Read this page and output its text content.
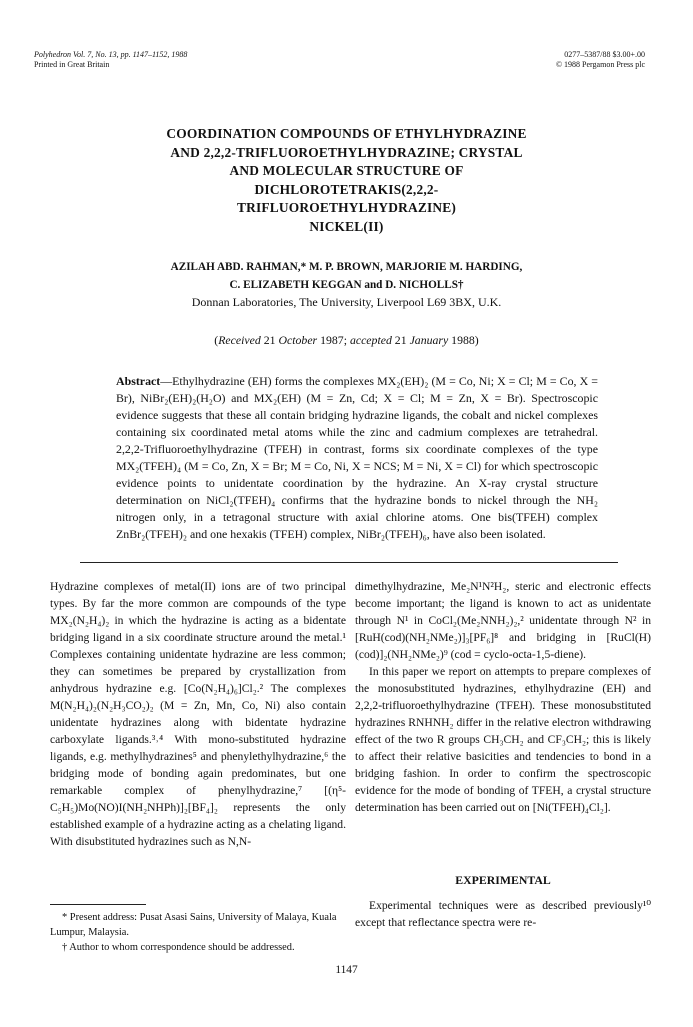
Polyhedron Vol. 7, No. 13, pp. 1147–1152, 1988
Printed in Great Britain
0277–5387/88 $3.00+.00
© 1988 Pergamon Press plc
COORDINATION COMPOUNDS OF ETHYLHYDRAZINE
AND 2,2,2-TRIFLUOROETHYLHYDRAZINE; CRYSTAL
AND MOLECULAR STRUCTURE OF
DICHLOROTETRAKIS(2,2,2-
TRIFLUOROETHYLHYDRAZINE)
NICKEL(II)
AZILAH ABD. RAHMAN,* M. P. BROWN, MARJORIE M. HARDING,
C. ELIZABETH KEGGAN and D. NICHOLLS†
Donnan Laboratories, The University, Liverpool L69 3BX, U.K.
(Received 21 October 1987; accepted 21 January 1988)
Abstract—Ethylhydrazine (EH) forms the complexes MX₂(EH)₂ (M = Co, Ni; X = Cl; M = Co, X = Br), NiBr₂(EH)₂(H₂O) and MX₂(EH) (M = Zn, Cd; X = Cl; M = Zn, X = Br). Spectroscopic evidence suggests that these all contain bridging hydrazine ligands, the cobalt and nickel complexes containing six coordinated metal atoms while the zinc and cadmium complexes are tetrahedral. 2,2,2-Trifluoroethylhydrazine (TFEH) in contrast, forms six coordinate complexes of the type MX₂(TFEH)₄ (M = Co, Zn, X = Br; M = Co, Ni, X = NCS; M = Ni, X = Cl) for which spectroscopic evidence points to unidentate coordination by the hydrazine. An X-ray crystal structure determination on NiCl₂(TFEH)₄ confirms that the hydrazine bonds to nickel through the NH₂ nitrogen only, in a tetragonal structure with axial chlorine atoms. One bis(TFEH) complex ZnBr₂(TFEH)₂ and one hexakis (TFEH) complex, NiBr₂(TFEH)₆, have also been isolated.

Hydrazine complexes of metal(II) ions are of two principal types. By far the more common are compounds of the type MX₂(N₂H₄)₂ in which the hydrazine is acting as a bidentate bridging ligand in a six coordinate structure around the metal.¹ Complexes containing unidentate hydrazine are less common; they can sometimes be prepared by crystallization from anhydrous hydrazine e.g. [Co(N₂H₄)₆]Cl₂.² The complexes M(N₂H₄)₂(N₂H₃CO₂)₂ (M = Zn, Mn, Co, Ni) also contain unidentate hydrazines along with bidentate hydrazine carboxylate ligands.³˒⁴ With mono-substituted hydrazine ligands, e.g. methylhydrazines⁵ and phenylethylhydrazine,⁶ the bridging mode of bonding again predominates, but one remarkable complex of phenylhydrazine,⁷ [(η⁵-C₅H₅)Mo(NO)I(NH₂NHPh)]₂[BF₄]₂ represents the only established example of a hydrazine acting as a chelating ligand. With disubstituted hydrazines such as N,N-

dimethylhydrazine, Me₂N¹N²H₂, steric and electronic effects become important; the ligand is known to act as unidentate through N¹ in CoCl₂(Me₂NNH₂)₂,² unidentate through N² in [RuH(cod)(NH₂NMe₂)]₃[PF₆]⁸ and bridging in [RuCl(H)(cod)]₂(NH₂NMe₂)⁹ (cod = cyclo-octa-1,5-diene).

In this paper we report on attempts to prepare complexes of the monosubstituted hydrazines, ethylhydrazine (EH) and 2,2,2-trifluoroethylhydrazine (TFEH). These monosubstituted hydrazines RNHNH₂ differ in the relative electron withdrawing effect of the two R groups CH₃CH₂ and CF₃CH₂; this is likely to affect their relative basicities and tendencies to bond in a bridging fashion. In order to confirm the spectroscopic evidence for the mode of bonding of TFEH, a crystal structure determination has been carried out on [Ni(TFEH)₄Cl₂].

EXPERIMENTAL

Experimental techniques were as described previously¹⁰ except that reflectance spectra were re-

* Present address: Pusat Asasi Sains, University of Malaya, Kuala Lumpur, Malaysia.

† Author to whom correspondence should be addressed.

1147
